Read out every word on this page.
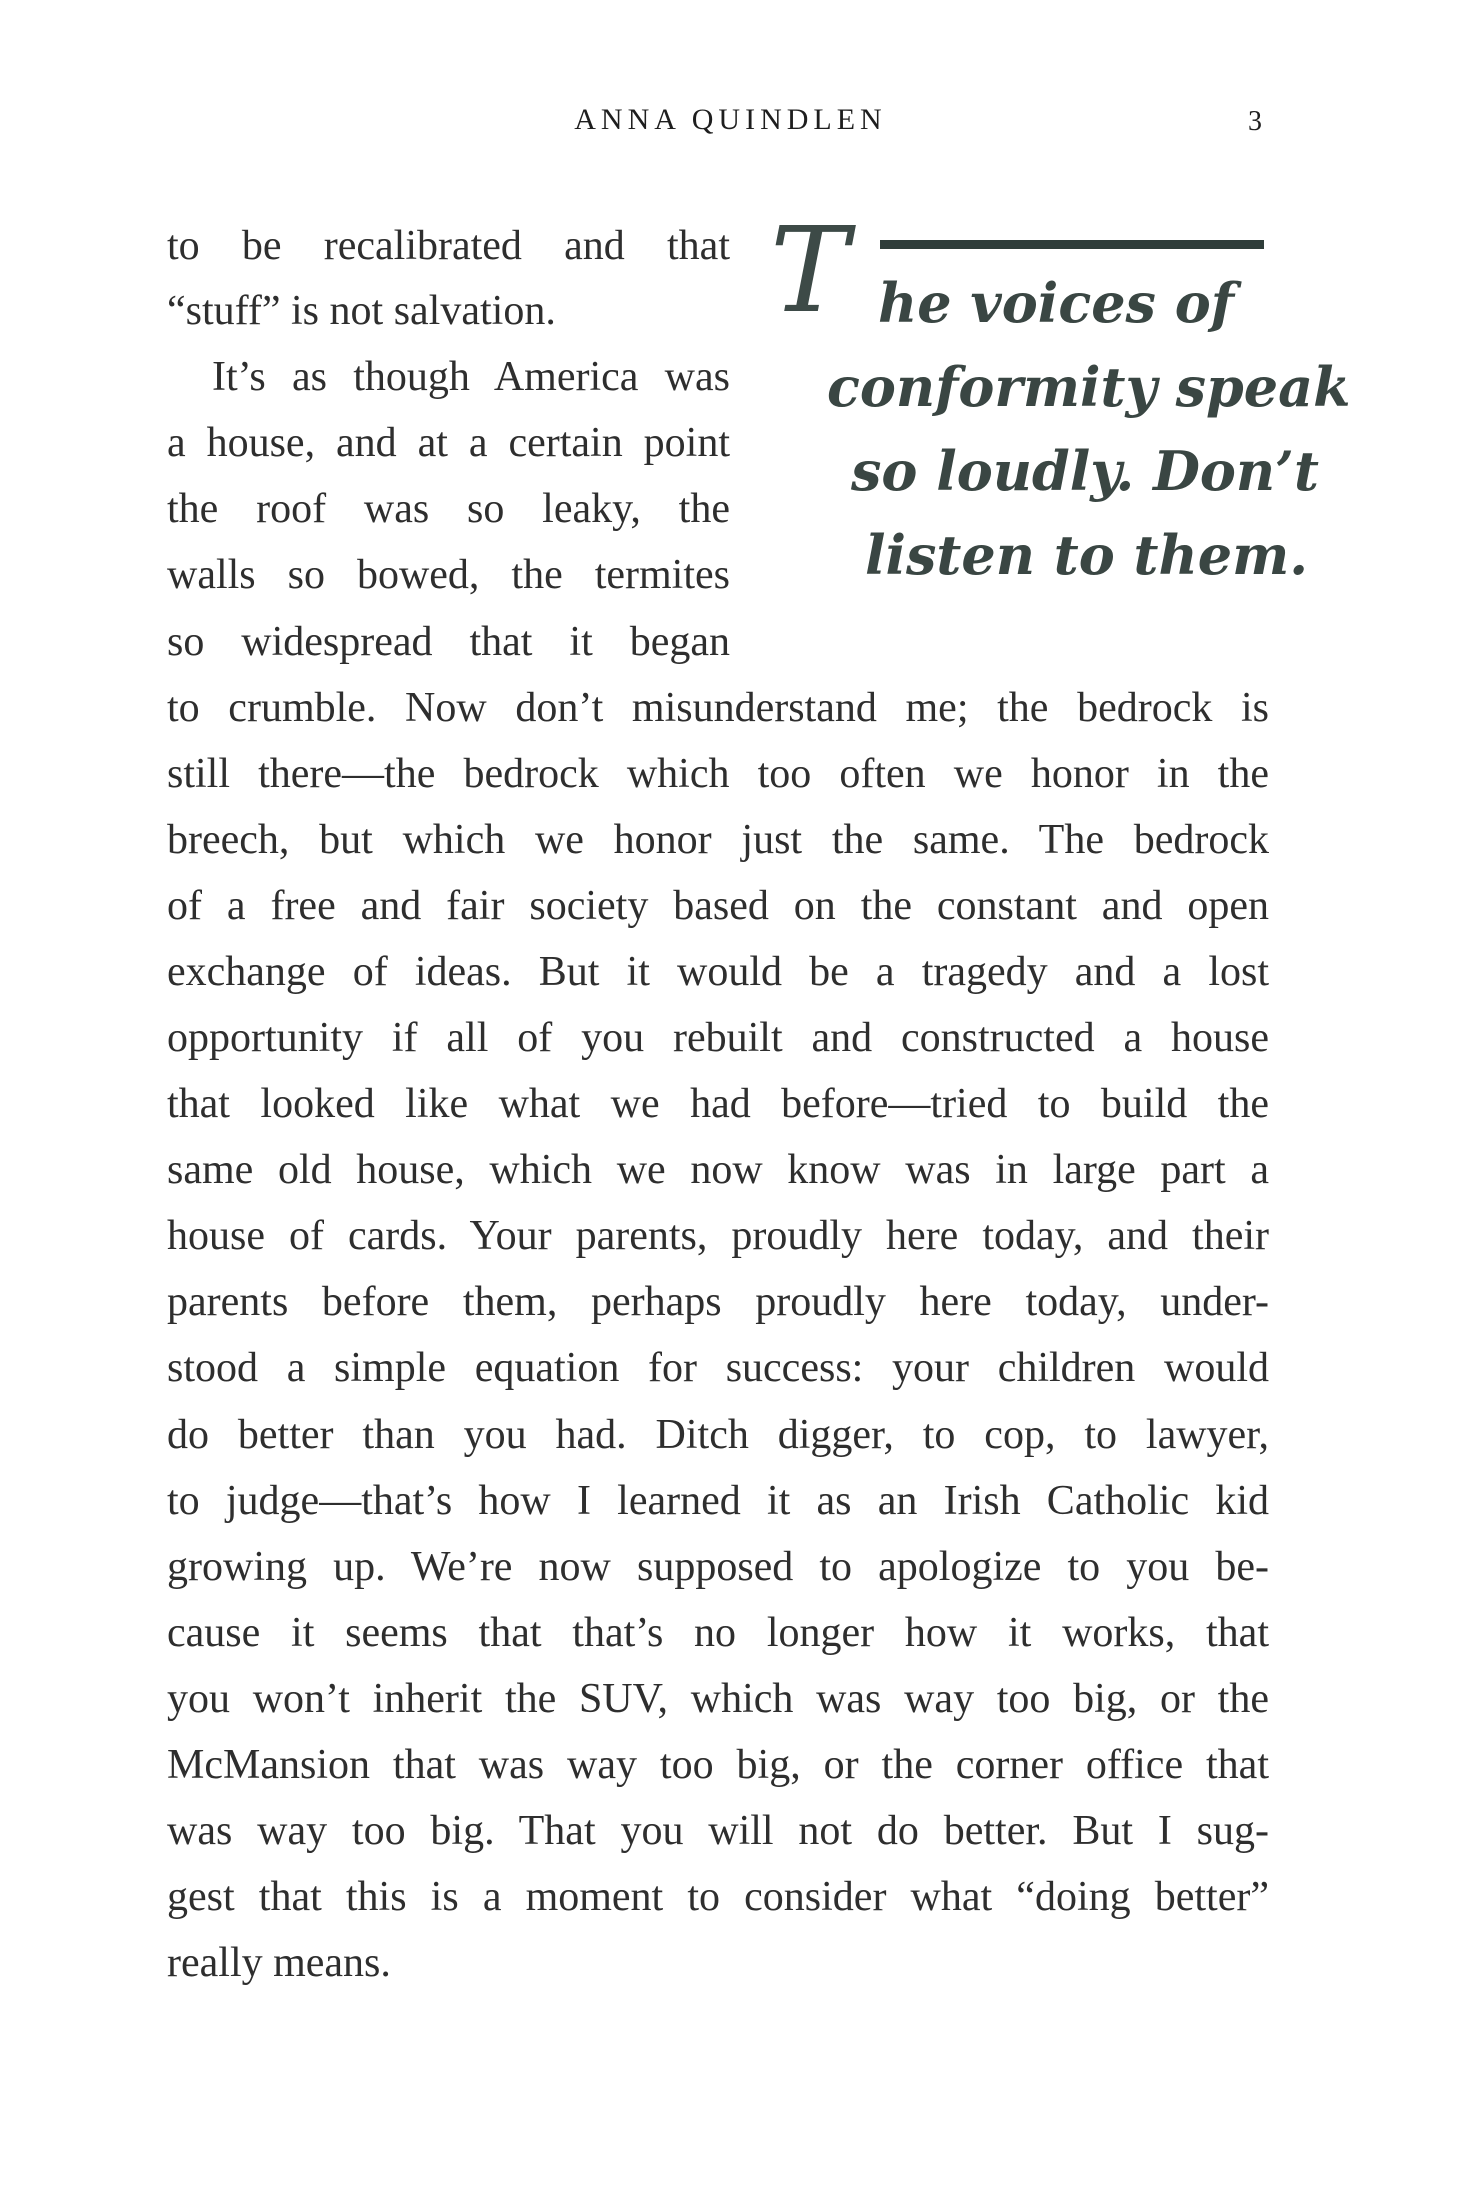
ANNA QUINDLEN	3
T he voices of
conformity speak
so loudly. Don’t
listen to them.
to be recalibrated and that
“stuff” is not salvation.
It’s as though America was
a house, and at a certain point
the roof was so leaky, the
walls so bowed, the termites
so widespread that it began
to crumble. Now don’t misunderstand me; the bedrock is
still there—the bedrock which too often we honor in the
breech, but which we honor just the same. The bedrock
of a free and fair society based on the constant and open
exchange of ideas. But it would be a tragedy and a lost
opportunity if all of you rebuilt and constructed a house
that looked like what we had before—tried to build the
same old house, which we now know was in large part a
house of cards. Your parents, proudly here today, and their
parents before them, perhaps proudly here today, under-
stood a simple equation for success: your children would
do better than you had. Ditch digger, to cop, to lawyer,
to judge—that’s how I learned it as an Irish Catholic kid
growing up. We’re now supposed to apologize to you be-
cause it seems that that’s no longer how it works, that
you won’t inherit the SUV, which was way too big, or the
McMansion that was way too big, or the corner office that
was way too big. That you will not do better. But I sug-
gest that this is a moment to consider what “doing better”
really means.
